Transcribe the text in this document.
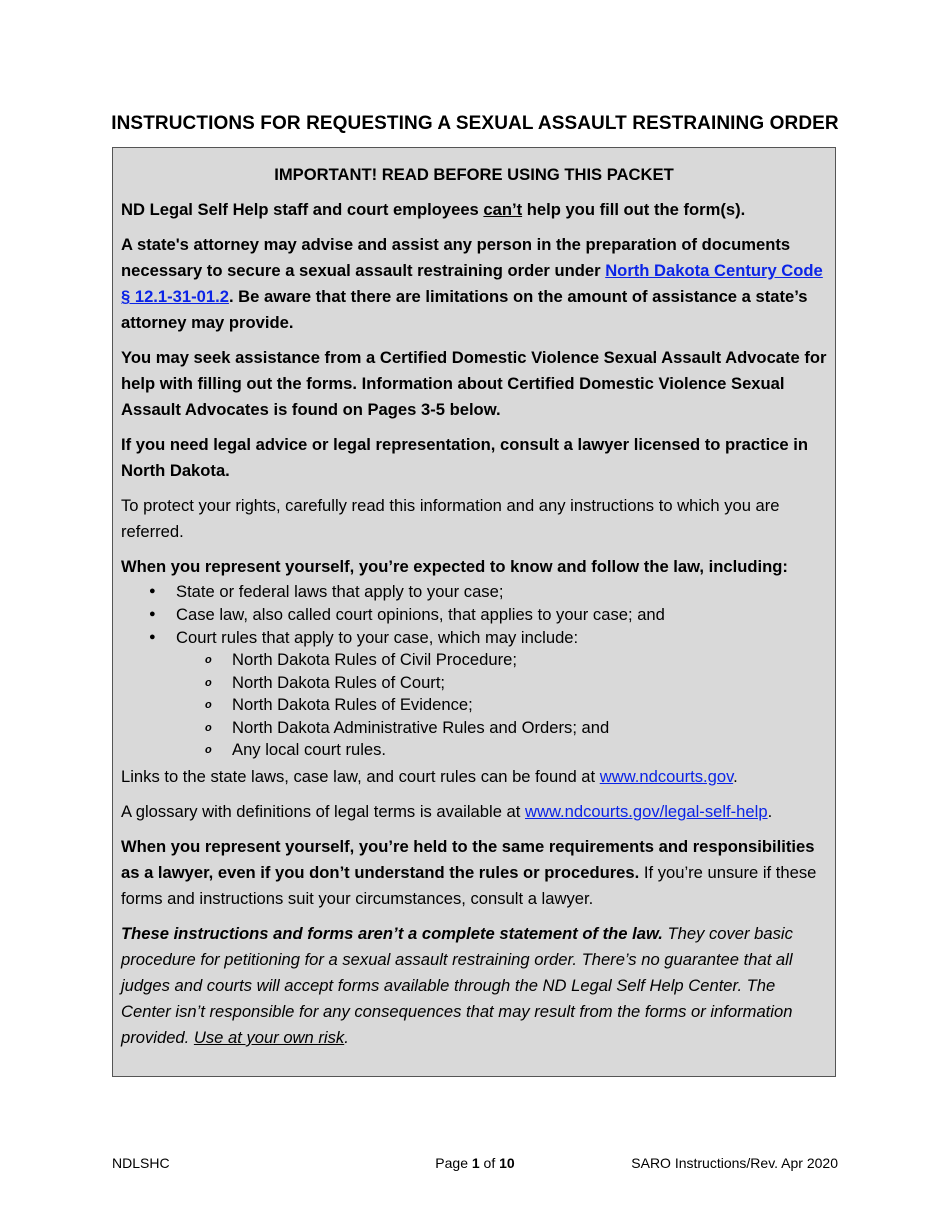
INSTRUCTIONS FOR REQUESTING A SEXUAL ASSAULT RESTRAINING ORDER

IMPORTANT! READ BEFORE USING THIS PACKET

ND Legal Self Help staff and court employees can’t help you fill out the form(s).

A state's attorney may advise and assist any person in the preparation of documents necessary to secure a sexual assault restraining order under North Dakota Century Code § 12.1-31-01.2. Be aware that there are limitations on the amount of assistance a state’s attorney may provide.

You may seek assistance from a Certified Domestic Violence Sexual Assault Advocate for help with filling out the forms. Information about Certified Domestic Violence Sexual Assault Advocates is found on Pages 3-5 below.

If you need legal advice or legal representation, consult a lawyer licensed to practice in North Dakota.

To protect your rights, carefully read this information and any instructions to which you are referred.

When you represent yourself, you’re expected to know and follow the law, including:

● State or federal laws that apply to your case;
● Case law, also called court opinions, that applies to your case; and
● Court rules that apply to your case, which may include:
o North Dakota Rules of Civil Procedure;
o North Dakota Rules of Court;
o North Dakota Rules of Evidence;
o North Dakota Administrative Rules and Orders; and
o Any local court rules.

Links to the state laws, case law, and court rules can be found at www.ndcourts.gov.

A glossary with definitions of legal terms is available at www.ndcourts.gov/legal-self-help.

When you represent yourself, you’re held to the same requirements and responsibilities as a lawyer, even if you don’t understand the rules or procedures. If you’re unsure if these forms and instructions suit your circumstances, consult a lawyer.

These instructions and forms aren’t a complete statement of the law. They cover basic procedure for petitioning for a sexual assault restraining order. There’s no guarantee that all judges and courts will accept forms available through the ND Legal Self Help Center. The Center isn’t responsible for any consequences that may result from the forms or information provided. Use at your own risk.

NDLSHC	Page 1 of 10	SARO Instructions/Rev. Apr 2020
